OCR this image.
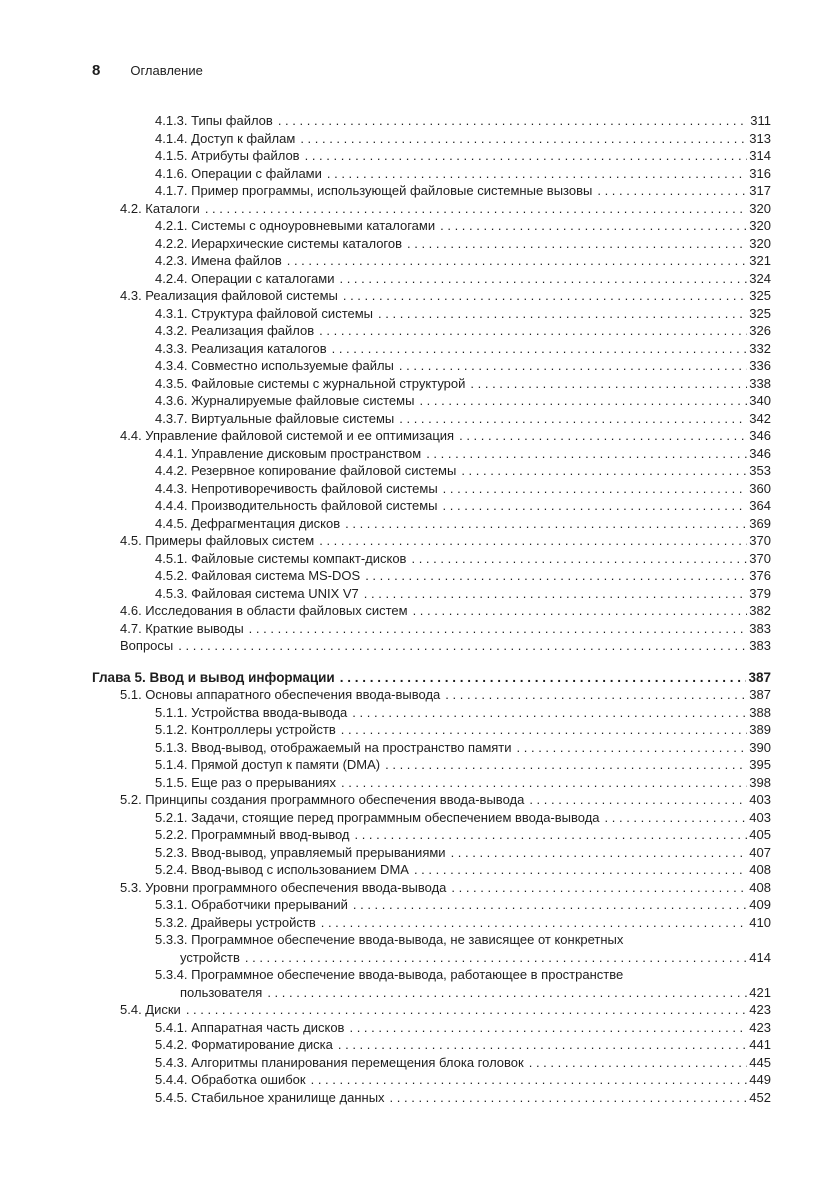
8 Оглавление
4.1.3. Типы файлов . . .	311
4.1.4. Доступ к файлам . . .	313
4.1.5. Атрибуты файлов . . .	314
4.1.6. Операции с файлами . . .	316
4.1.7. Пример программы, использующей файловые системные вызовы . . .	317
4.2. Каталоги . . .	320
4.2.1. Системы с одноуровневыми каталогами . . .	320
4.2.2. Иерархические системы каталогов . . .	320
4.2.3. Имена файлов . . .	321
4.2.4. Операции с каталогами . . .	324
4.3. Реализация файловой системы . . .	325
4.3.1. Структура файловой системы . . .	325
4.3.2. Реализация файлов . . .	326
4.3.3. Реализация каталогов . . .	332
4.3.4. Совместно используемые файлы . . .	336
4.3.5. Файловые системы с журнальной структурой . . .	338
4.3.6. Журналируемые файловые системы . . .	340
4.3.7. Виртуальные файловые системы . . .	342
4.4. Управление файловой системой и ее оптимизация . . .	346
4.4.1. Управление дисковым пространством . . .	346
4.4.2. Резервное копирование файловой системы . . .	353
4.4.3. Непротиворечивость файловой системы . . .	360
4.4.4. Производительность файловой системы . . .	364
4.4.5. Дефрагментация дисков . . .	369
4.5. Примеры файловых систем . . .	370
4.5.1. Файловые системы компакт-дисков . . .	370
4.5.2. Файловая система MS-DOS . . .	376
4.5.3. Файловая система UNIX V7 . . .	379
4.6. Исследования в области файловых систем . . .	382
4.7. Краткие выводы . . .	383
Вопросы . . .	383
Глава 5. Ввод и вывод информации . . .	387
5.1. Основы аппаратного обеспечения ввода-вывода . . .	387
5.1.1. Устройства ввода-вывода . . .	388
5.1.2. Контроллеры устройств . . .	389
5.1.3. Ввод-вывод, отображаемый на пространство памяти . . .	390
5.1.4. Прямой доступ к памяти (DMA) . . .	395
5.1.5. Еще раз о прерываниях . . .	398
5.2. Принципы создания программного обеспечения ввода-вывода . . .	403
5.2.1. Задачи, стоящие перед программным обеспечением ввода-вывода . . .	403
5.2.2. Программный ввод-вывод . . .	405
5.2.3. Ввод-вывод, управляемый прерываниями . . .	407
5.2.4. Ввод-вывод с использованием DMA . . .	408
5.3. Уровни программного обеспечения ввода-вывода . . .	408
5.3.1. Обработчики прерываний . . .	409
5.3.2. Драйверы устройств . . .	410
5.3.3. Программное обеспечение ввода-вывода, не зависящее от конкретных
устройств . . .	414
5.3.4. Программное обеспечение ввода-вывода, работающее в пространстве
пользователя . . .	421
5.4. Диски . . .	423
5.4.1. Аппаратная часть дисков . . .	423
5.4.2. Форматирование диска . . .	441
5.4.3. Алгоритмы планирования перемещения блока головок . . .	445
5.4.4. Обработка ошибок . . .	449
5.4.5. Стабильное хранилище данных . . .	452
